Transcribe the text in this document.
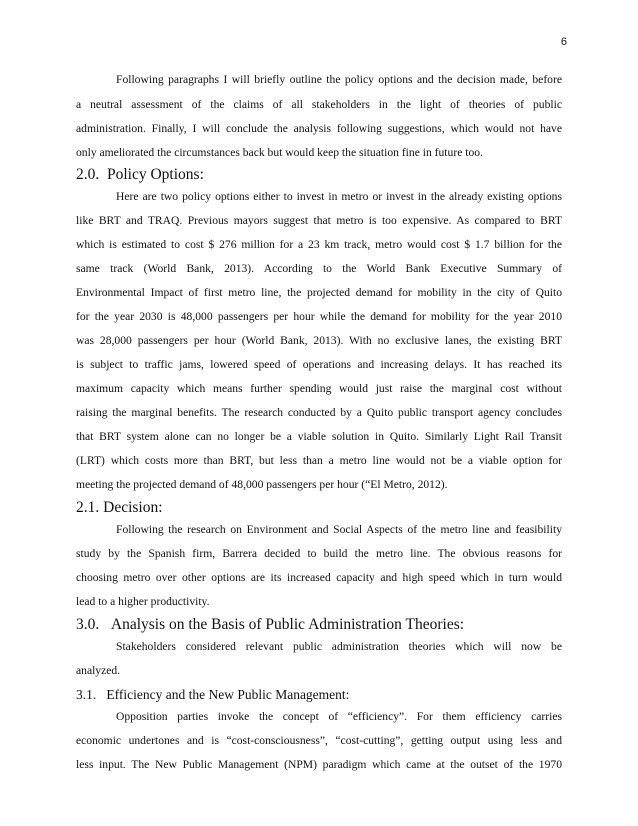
6
Following paragraphs I will briefly outline the policy options and the decision made, before
a neutral assessment of the claims of all stakeholders in the light of theories of public
administration. Finally, I will conclude the analysis following suggestions, which would not have
only ameliorated the circumstances back but would keep the situation fine in future too.
2.0.  Policy Options:
Here are two policy options either to invest in metro or invest in the already existing options
like BRT and TRAQ. Previous mayors suggest that metro is too expensive. As compared to BRT
which is estimated to cost $ 276 million for a 23 km track, metro would cost $ 1.7 billion for the
same track (World Bank, 2013). According to the World Bank Executive Summary of
Environmental Impact of first metro line, the projected demand for mobility in the city of Quito
for the year 2030 is 48,000 passengers per hour while the demand for mobility for the year 2010
was 28,000 passengers per hour (World Bank, 2013). With no exclusive lanes, the existing BRT
is subject to traffic jams, lowered speed of operations and increasing delays. It has reached its
maximum capacity which means further spending would just raise the marginal cost without
raising the marginal benefits. The research conducted by a Quito public transport agency concludes
that BRT system alone can no longer be a viable solution in Quito. Similarly Light Rail Transit
(LRT) which costs more than BRT, but less than a metro line would not be a viable option for
meeting the projected demand of 48,000 passengers per hour (“El Metro, 2012).
2.1. Decision:
Following the research on Environment and Social Aspects of the metro line and feasibility
study by the Spanish firm, Barrera decided to build the metro line. The obvious reasons for
choosing metro over other options are its increased capacity and high speed which in turn would
lead to a higher productivity.
3.0.   Analysis on the Basis of Public Administration Theories:
Stakeholders considered relevant public administration theories which will now be
analyzed.
3.1.   Efficiency and the New Public Management:
Opposition parties invoke the concept of “efficiency”. For them efficiency carries
economic undertones and is “cost-consciousness”, “cost-cutting”, getting output using less and
less input. The New Public Management (NPM) paradigm which came at the outset of the 1970
